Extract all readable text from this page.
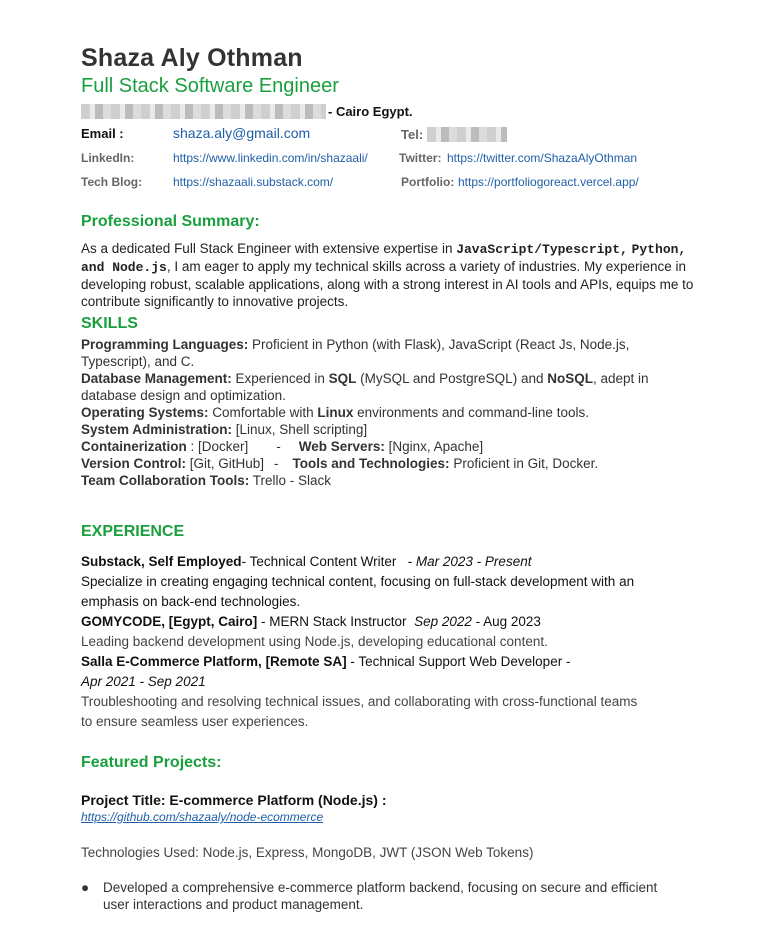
Shaza Aly Othman
Full Stack Software Engineer
- Cairo Egypt.
Email :	shaza.aly@gmail.com	Tel:
LinkedIn:	https://www.linkedin.com/in/shazaali/	Twitter: https://twitter.com/ShazaAlyOthman
Tech Blog:	https://shazaali.substack.com/	Portfolio: https://portfoliogoreact.vercel.app/
Professional Summary:
As a dedicated Full Stack Engineer with extensive expertise in JavaScript/Typescript, Python, and Node.js, I am eager to apply my technical skills across a variety of industries. My experience in developing robust, scalable applications, along with a strong interest in AI tools and APIs, equips me to contribute significantly to innovative projects.
SKILLS
Programming Languages: Proficient in Python (with Flask), JavaScript (React Js, Node.js, Typescript), and C.
Database Management: Experienced in SQL (MySQL and PostgreSQL) and NoSQL, adept in database design and optimization.
Operating Systems: Comfortable with Linux environments and command-line tools.
System Administration: [Linux, Shell scripting]
Containerization : [Docker] - Web Servers: [Nginx, Apache]
Version Control: [Git, GitHub] - Tools and Technologies: Proficient in Git, Docker.
Team Collaboration Tools: Trello - Slack
EXPERIENCE
Substack, Self Employed- Technical Content Writer - Mar 2023 - Present
Specialize in creating engaging technical content, focusing on full-stack development with an emphasis on back-end technologies.
GOMYCODE, [Egypt, Cairo] - MERN Stack Instructor Sep 2022 - Aug 2023
Leading backend development using Node.js, developing educational content.
Salla E-Commerce Platform, [Remote SA] - Technical Support Web Developer -
Apr 2021 - Sep 2021
Troubleshooting and resolving technical issues, and collaborating with cross-functional teams to ensure seamless user experiences.
Featured Projects:
Project Title: E-commerce Platform (Node.js) :
https://github.com/shazaaly/node-ecommerce
Technologies Used: Node.js, Express, MongoDB, JWT (JSON Web Tokens)
● Developed a comprehensive e-commerce platform backend, focusing on secure and efficient user interactions and product management.
